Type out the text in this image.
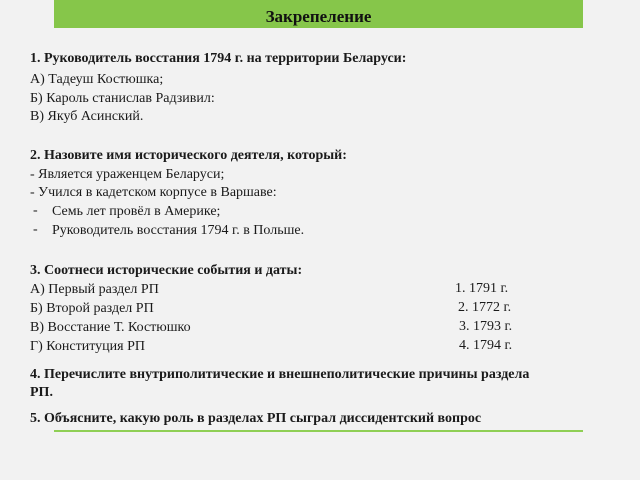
Закрепеление
1. Руководитель восстания 1794 г. на территории Беларуси:
А) Тадеуш Костюшка;
Б) Кароль станислав Радзивил:
В) Якуб Асинский.
2. Назовите имя исторического деятеля, который:
- Является ураженцем Беларуси;
- Учился в кадетском корпусе в Варшаве:
- Семь лет провёл в Америке;
- Руководитель восстания 1794 г. в Польше.
3. Соотнеси исторические события и даты:
А) Первый раздел РП
Б) Второй раздел РП
В) Восстание Т. Костюшко
Г) Конституция РП
1. 1791 г.
2. 1772 г.
3. 1793 г.
4. 1794 г.
4. Перечислите внутриполитические и внешнеполитические причины раздела
РП.
5. Объясните, какую роль в разделах РП сыграл диссидентский вопрос
